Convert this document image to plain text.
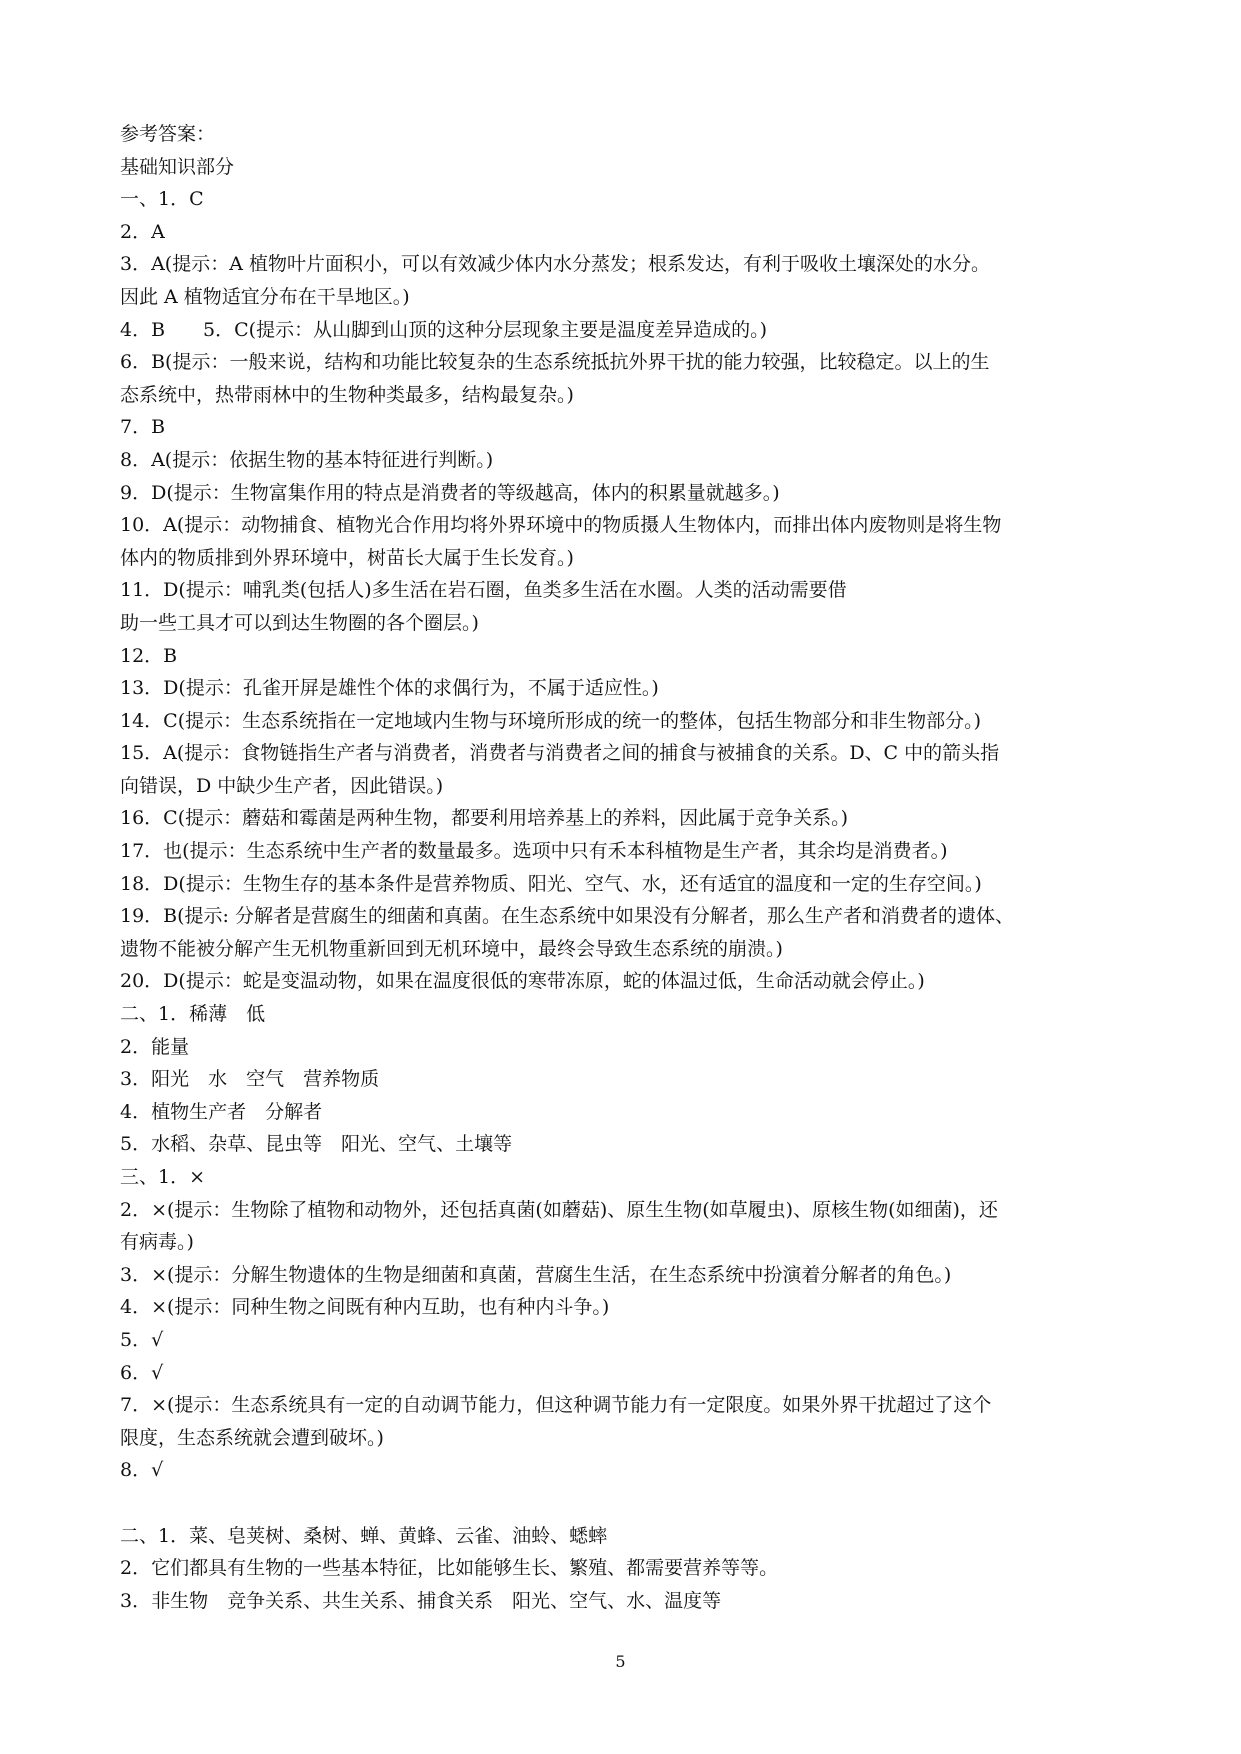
参考答案：
基础知识部分
一、1．C
2．A
3．A(提示：A 植物叶片面积小，可以有效减少体内水分蒸发；根系发达，有利于吸收土壤深处的水分。
因此 A 植物适宜分布在干旱地区。)
4．B　　5．C(提示：从山脚到山顶的这种分层现象主要是温度差异造成的。)
6．B(提示：一般来说，结构和功能比较复杂的生态系统抵抗外界干扰的能力较强，比较稳定。以上的生
态系统中，热带雨林中的生物种类最多，结构最复杂。)
7．B
8．A(提示：依据生物的基本特征进行判断。)
9．D(提示：生物富集作用的特点是消费者的等级越高，体内的积累量就越多。)
10．A(提示：动物捕食、植物光合作用均将外界环境中的物质摄人生物体内，而排出体内废物则是将生物
体内的物质排到外界环境中，树苗长大属于生长发育。)
11．D(提示：哺乳类(包括人)多生活在岩石圈，鱼类多生活在水圈。人类的活动需要借
助一些工具才可以到达生物圈的各个圈层。)
12．B
13．D(提示：孔雀开屏是雄性个体的求偶行为，不属于适应性。)
14．C(提示：生态系统指在一定地域内生物与环境所形成的统一的整体，包括生物部分和非生物部分。)
15．A(提示：食物链指生产者与消费者，消费者与消费者之间的捕食与被捕食的关系。D、C 中的箭头指
向错误，D 中缺少生产者，因此错误。)
16．C(提示：蘑菇和霉菌是两种生物，都要利用培养基上的养料，因此属于竞争关系。)
17．也(提示：生态系统中生产者的数量最多。选项中只有禾本科植物是生产者，其余均是消费者。)
18．D(提示：生物生存的基本条件是营养物质、阳光、空气、水，还有适宜的温度和一定的生存空间。)
19．B(提示: 分解者是营腐生的细菌和真菌。在生态系统中如果没有分解者，那么生产者和消费者的遗体、
遗物不能被分解产生无机物重新回到无机环境中，最终会导致生态系统的崩溃。)
20．D(提示：蛇是变温动物，如果在温度很低的寒带冻原，蛇的体温过低，生命活动就会停止。)
二、1．稀薄　低
2．能量
3．阳光　水　空气　营养物质
4．植物生产者　分解者
5．水稻、杂草、昆虫等　阳光、空气、土壤等
三、1．×
2．×(提示：生物除了植物和动物外，还包括真菌(如蘑菇)、原生生物(如草履虫)、原核生物(如细菌)，还
有病毒。)
3．×(提示：分解生物遗体的生物是细菌和真菌，营腐生生活，在生态系统中扮演着分解者的角色。)
4．×(提示：同种生物之间既有种内互助，也有种内斗争。)
5．√
6．√
7．×(提示：生态系统具有一定的自动调节能力，但这种调节能力有一定限度。如果外界干扰超过了这个
限度，生态系统就会遭到破坏。)
8．√
二、1．菜、皂荚树、桑树、蝉、黄蜂、云雀、油蛉、蟋蟀
2．它们都具有生物的一些基本特征，比如能够生长、繁殖、都需要营养等等。
3．非生物　竞争关系、共生关系、捕食关系　阳光、空气、水、温度等
5
